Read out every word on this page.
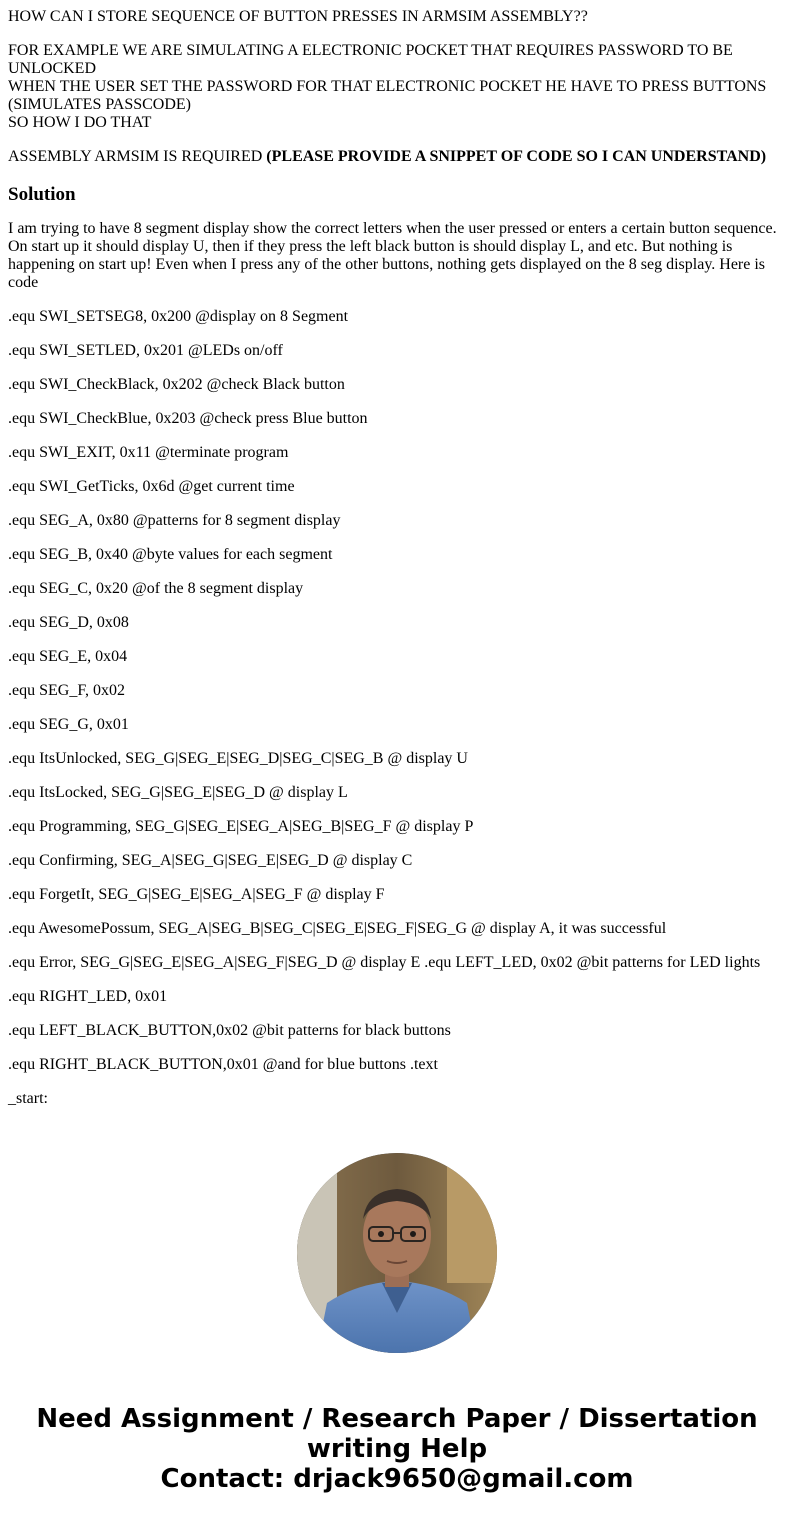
HOW CAN I STORE SEQUENCE OF BUTTON PRESSES IN ARMSIM ASSEMBLY??
FOR EXAMPLE WE ARE SIMULATING A ELECTRONIC POCKET THAT REQUIRES PASSWORD TO BE UNLOCKED
WHEN THE USER SET THE PASSWORD FOR THAT ELECTRONIC POCKET HE HAVE TO PRESS BUTTONS (SIMULATES PASSCODE)
SO HOW I DO THAT
ASSEMBLY ARMSIM IS REQUIRED (PLEASE PROVIDE A SNIPPET OF CODE SO I CAN UNDERSTAND)
Solution

I am trying to have 8 segment display show the correct letters when the user pressed or enters a certain button sequence. On start up it should display U, then if they press the left black button is should display L, and etc. But nothing is happening on start up! Even when I press any of the other buttons, nothing gets displayed on the 8 seg display. Here is code

.equ SWI_SETSEG8, 0x200 @display on 8 Segment

.equ SWI_SETLED, 0x201 @LEDs on/off

.equ SWI_CheckBlack, 0x202 @check Black button

.equ SWI_CheckBlue, 0x203 @check press Blue button

.equ SWI_EXIT, 0x11 @terminate program

.equ SWI_GetTicks, 0x6d @get current time

.equ SEG_A, 0x80 @patterns for 8 segment display

.equ SEG_B, 0x40 @byte values for each segment

.equ SEG_C, 0x20 @of the 8 segment display

.equ SEG_D, 0x08

.equ SEG_E, 0x04

.equ SEG_F, 0x02

.equ SEG_G, 0x01

.equ ItsUnlocked, SEG_G|SEG_E|SEG_D|SEG_C|SEG_B @ display U

.equ ItsLocked, SEG_G|SEG_E|SEG_D @ display L

.equ Programming, SEG_G|SEG_E|SEG_A|SEG_B|SEG_F @ display P

.equ Confirming, SEG_A|SEG_G|SEG_E|SEG_D @ display C

.equ ForgetIt, SEG_G|SEG_E|SEG_A|SEG_F @ display F

.equ AwesomePossum, SEG_A|SEG_B|SEG_C|SEG_E|SEG_F|SEG_G @ display A, it was successful

.equ Error, SEG_G|SEG_E|SEG_A|SEG_F|SEG_D @ display E .equ LEFT_LED, 0x02 @bit patterns for LED lights

.equ RIGHT_LED, 0x01

.equ LEFT_BLACK_BUTTON,0x02 @bit patterns for black buttons

.equ RIGHT_BLACK_BUTTON,0x01 @and for blue buttons .text

_start:

Need Assignment / Research Paper / Dissertation
writing Help
Contact: drjack9650@gmail.com
